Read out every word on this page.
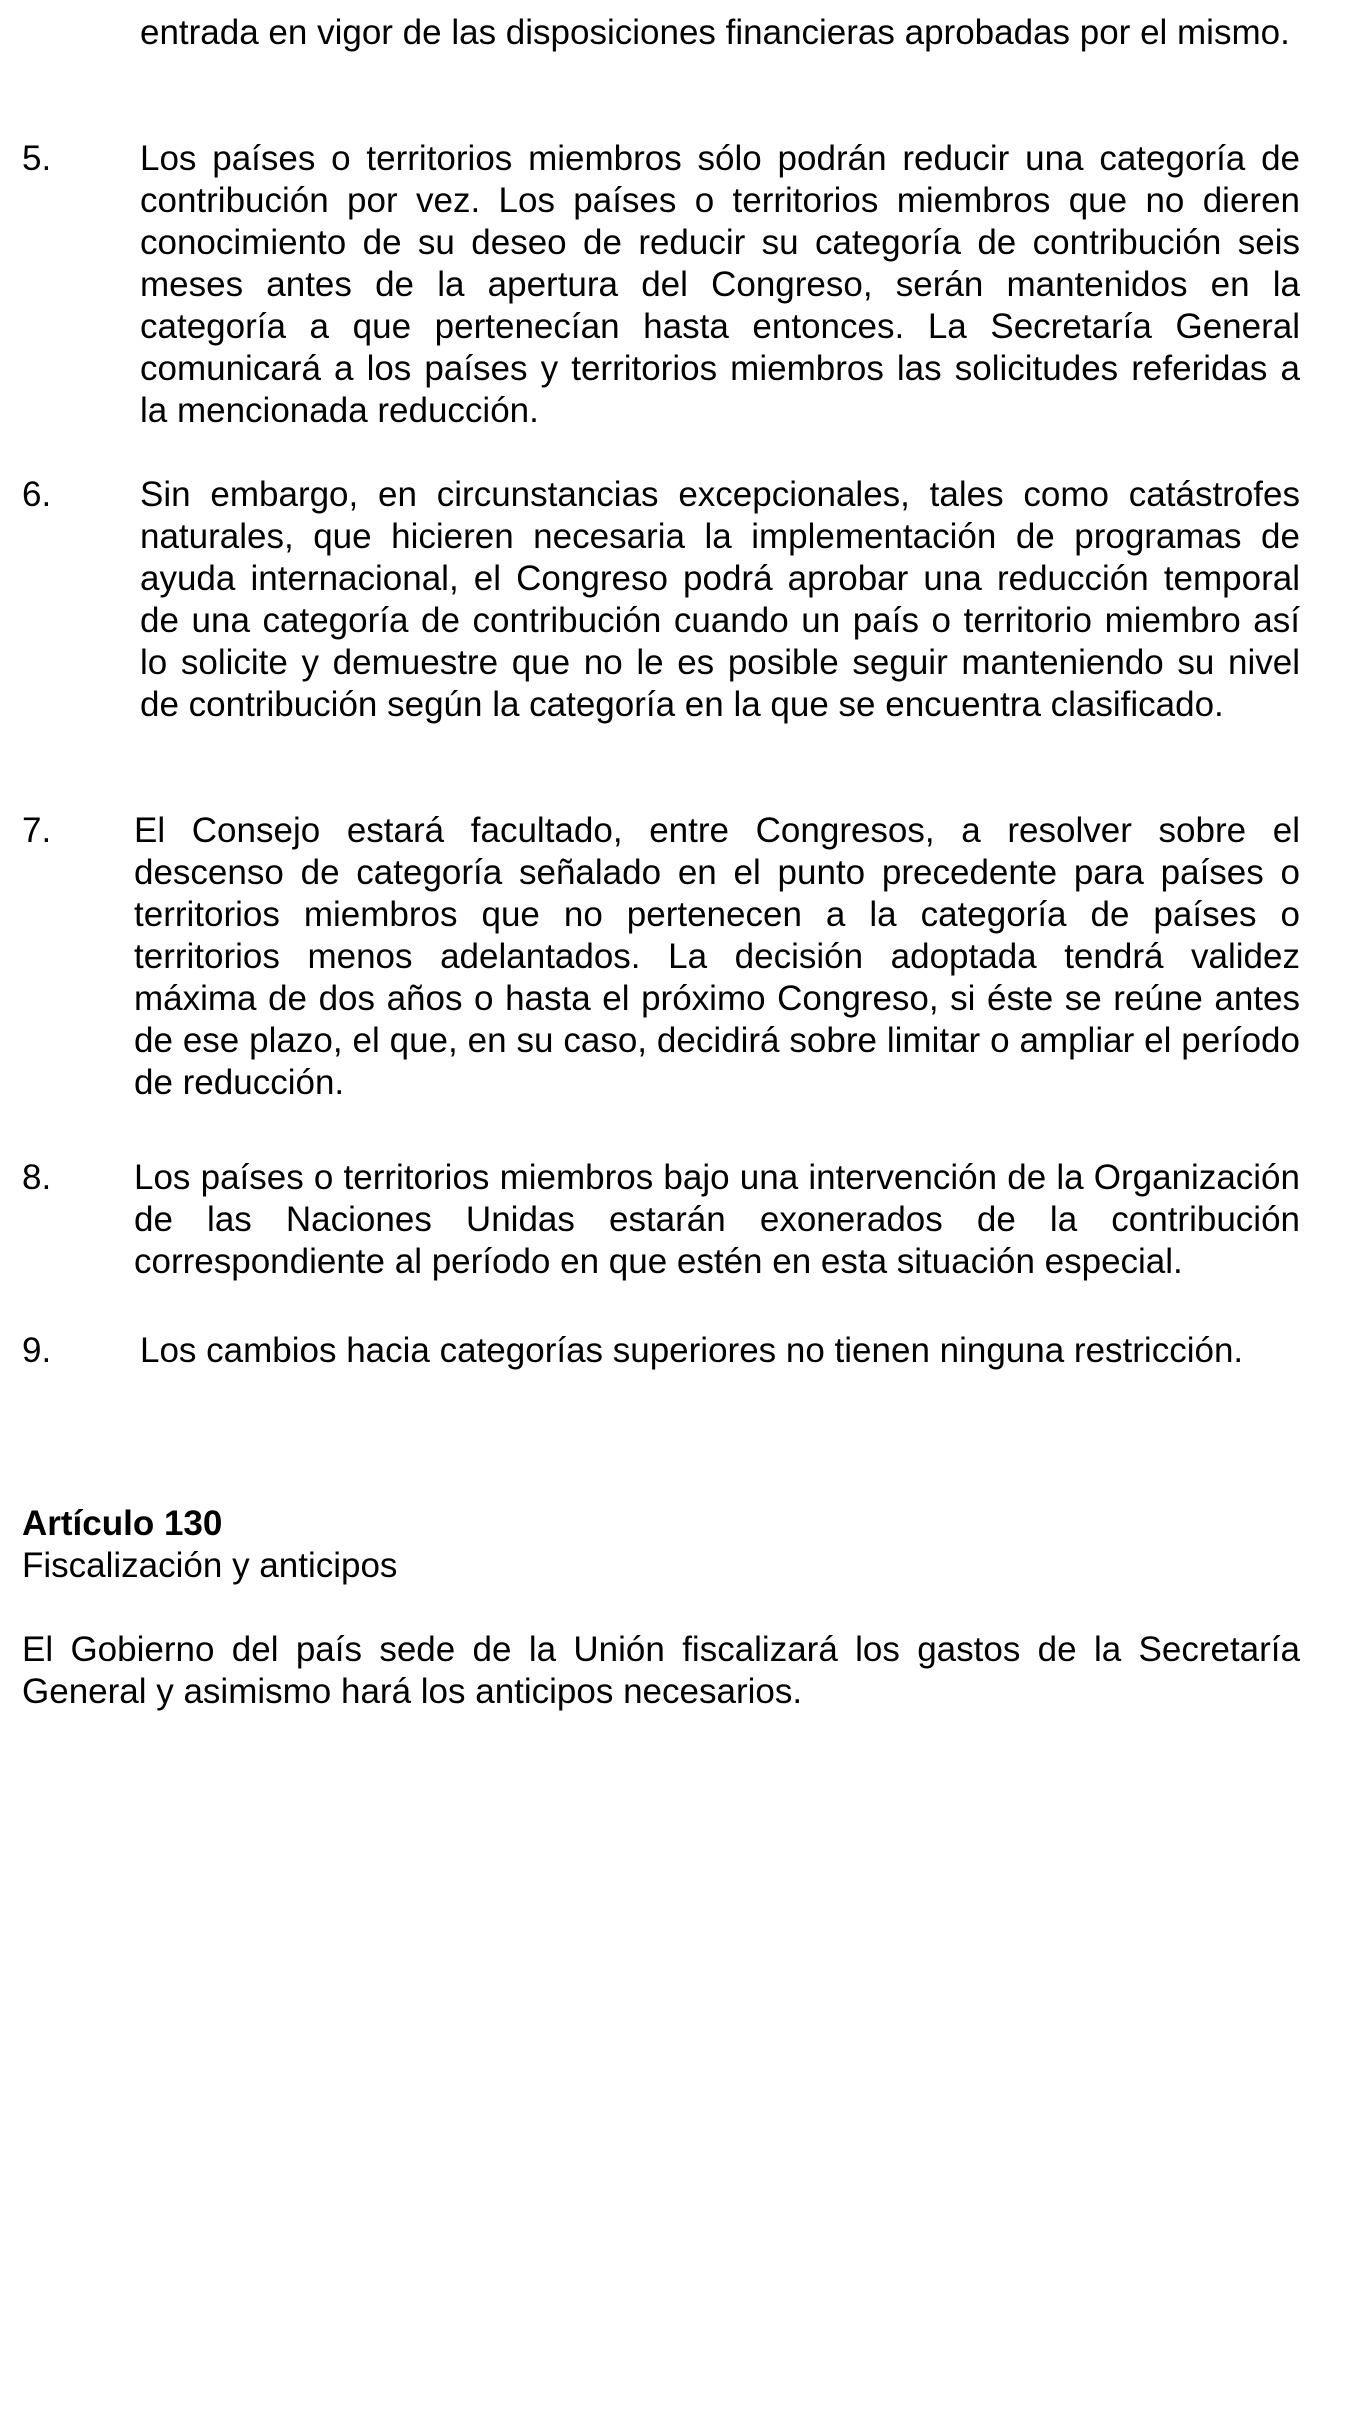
entrada en vigor de las disposiciones financieras aprobadas por el mismo.
5.	Los países o territorios miembros sólo podrán reducir una categoría de contribución por vez. Los países o territorios miembros que no dieren conocimiento de su deseo de reducir su categoría de contribución seis meses antes de la apertura del Congreso, serán mantenidos en la categoría a que pertenecían hasta entonces. La Secretaría General comunicará a los países y territorios miembros las solicitudes referidas a la mencionada reducción.
6.	Sin embargo, en circunstancias excepcionales, tales como catástrofes naturales, que hicieren necesaria la implementación de programas de ayuda internacional, el Congreso podrá aprobar una reducción temporal de una categoría de contribución cuando un país o territorio miembro así lo solicite y demuestre que no le es posible seguir manteniendo su nivel de contribución según la categoría en la que se encuentra clasificado.
7. El Consejo estará facultado, entre Congresos, a resolver sobre el descenso de categoría señalado en el punto precedente para países o territorios miembros que no pertenecen a la categoría de países o territorios menos adelantados. La decisión adoptada tendrá validez máxima de dos años o hasta el próximo Congreso, si éste se reúne antes de ese plazo, el que, en su caso, decidirá sobre limitar o ampliar el período de reducción.
8. Los países o territorios miembros bajo una intervención de la Organización de las Naciones Unidas estarán exonerados de la contribución correspondiente al período en que estén en esta situación especial.
9.	Los cambios hacia categorías superiores no tienen ninguna restricción.
Artículo 130
Fiscalización y anticipos
El Gobierno del país sede de la Unión fiscalizará los gastos de la Secretaría General y asimismo hará los anticipos necesarios.
